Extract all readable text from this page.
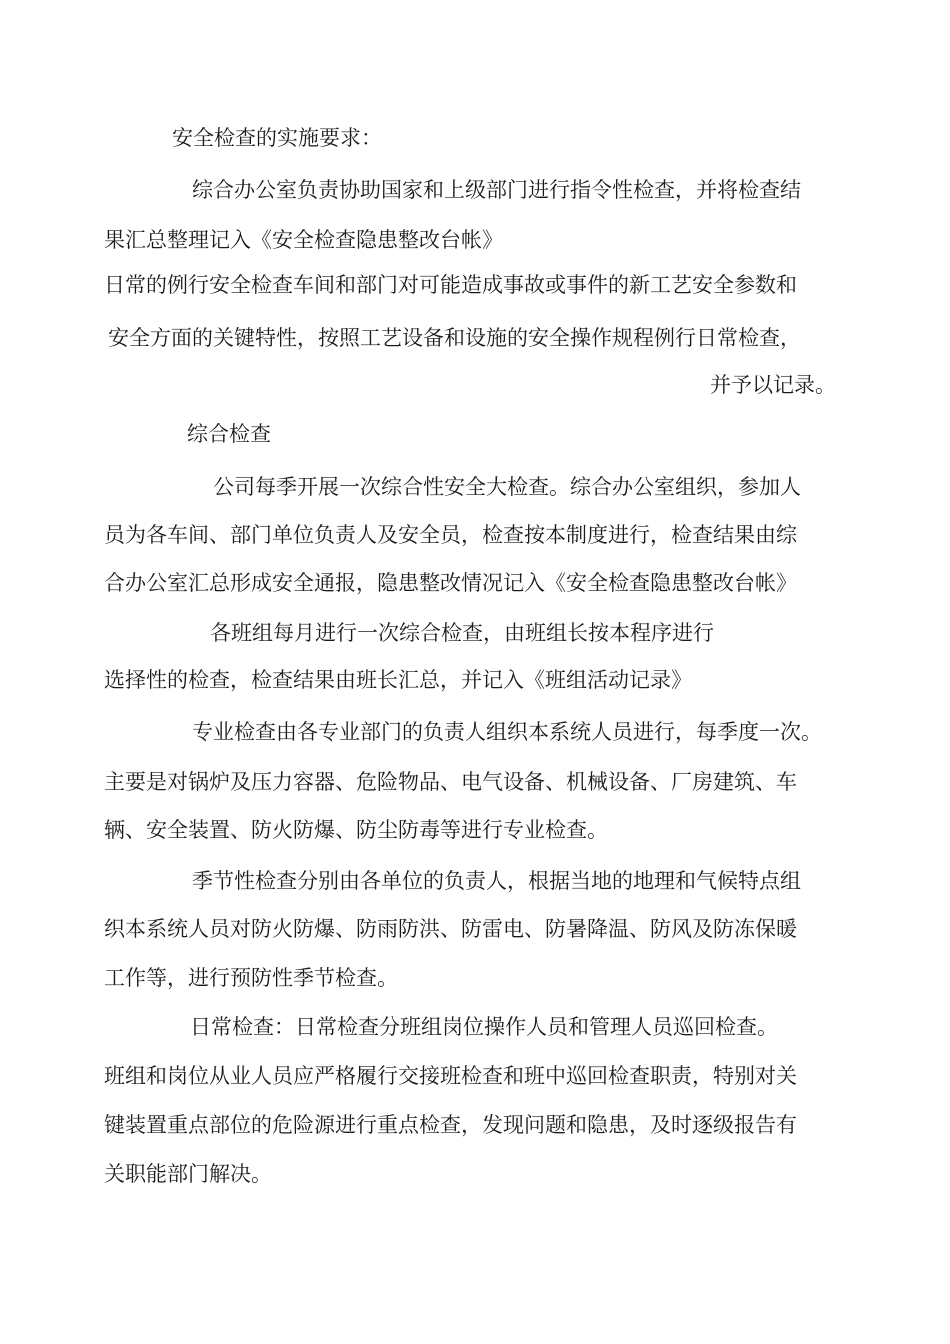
安全检查的实施要求：
综合办公室负责协助国家和上级部门进行指令性检查，并将检查结
果汇总整理记入《安全检查隐患整改台帐》
日常的例行安全检查车间和部门对可能造成事故或事件的新工艺安全参数和
安全方面的关键特性，按照工艺设备和设施的安全操作规程例行日常检查，
并予以记录。
综合检查
公司每季开展一次综合性安全大检查。综合办公室组织，参加人
员为各车间、部门单位负责人及安全员，检查按本制度进行，检查结果由综
合办公室汇总形成安全通报，隐患整改情况记入《安全检查隐患整改台帐》
各班组每月进行一次综合检查，由班组长按本程序进行
选择性的检查，检查结果由班长汇总，并记入《班组活动记录》
专业检查由各专业部门的负责人组织本系统人员进行，每季度一次。
主要是对锅炉及压力容器、危险物品、电气设备、机械设备、厂房建筑、车
辆、安全装置、防火防爆、防尘防毒等进行专业检查。
季节性检查分别由各单位的负责人，根据当地的地理和气候特点组
织本系统人员对防火防爆、防雨防洪、防雷电、防暑降温、防风及防冻保暖
工作等，进行预防性季节检查。
日常检查：日常检查分班组岗位操作人员和管理人员巡回检查。
班组和岗位从业人员应严格履行交接班检查和班中巡回检查职责，特别对关
键装置重点部位的危险源进行重点检查，发现问题和隐患，及时逐级报告有
关职能部门解决。
